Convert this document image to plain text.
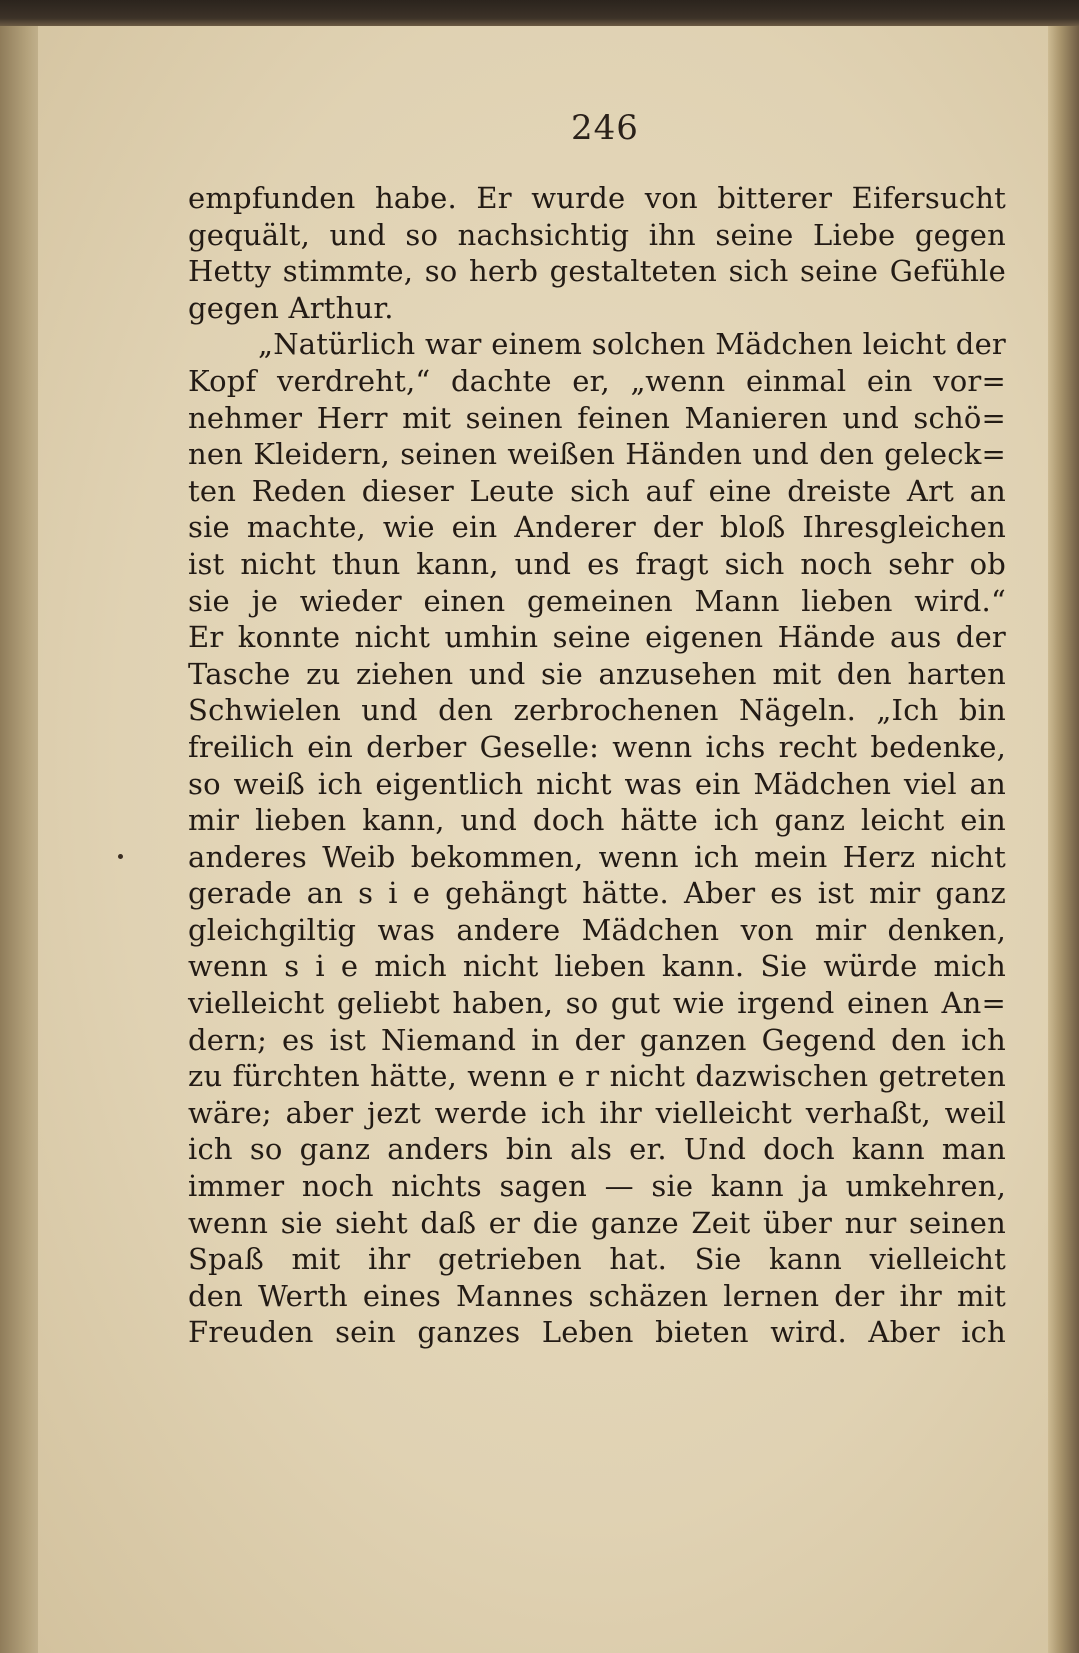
246
empfunden habe. Er wurde von bitterer Eifersucht
gequält, und so nachsichtig ihn seine Liebe gegen
Hetty stimmte, so herb gestalteten sich seine Gefühle
gegen Arthur.
„Natürlich war einem solchen Mädchen leicht der
Kopf verdreht,“ dachte er, „wenn einmal ein vor=
nehmer Herr mit seinen feinen Manieren und schö=
nen Kleidern, seinen weißen Händen und den geleck=
ten Reden dieser Leute sich auf eine dreiste Art an
sie machte, wie ein Anderer der bloß Ihresgleichen
ist nicht thun kann, und es fragt sich noch sehr ob
sie je wieder einen gemeinen Mann lieben wird.“
Er konnte nicht umhin seine eigenen Hände aus der
Tasche zu ziehen und sie anzusehen mit den harten
Schwielen und den zerbrochenen Nägeln. „Ich bin
freilich ein derber Geselle: wenn ichs recht bedenke,
so weiß ich eigentlich nicht was ein Mädchen viel an
mir lieben kann, und doch hätte ich ganz leicht ein
anderes Weib bekommen, wenn ich mein Herz nicht
gerade an s i e gehängt hätte. Aber es ist mir ganz
gleichgiltig was andere Mädchen von mir denken,
wenn s i e mich nicht lieben kann. Sie würde mich
vielleicht geliebt haben, so gut wie irgend einen An=
dern; es ist Niemand in der ganzen Gegend den ich
zu fürchten hätte, wenn e r nicht dazwischen getreten
wäre; aber jezt werde ich ihr vielleicht verhaßt, weil
ich so ganz anders bin als er. Und doch kann man
immer noch nichts sagen — sie kann ja umkehren,
wenn sie sieht daß er die ganze Zeit über nur seinen
Spaß mit ihr getrieben hat. Sie kann vielleicht
den Werth eines Mannes schäzen lernen der ihr mit
Freuden sein ganzes Leben bieten wird. Aber ich
